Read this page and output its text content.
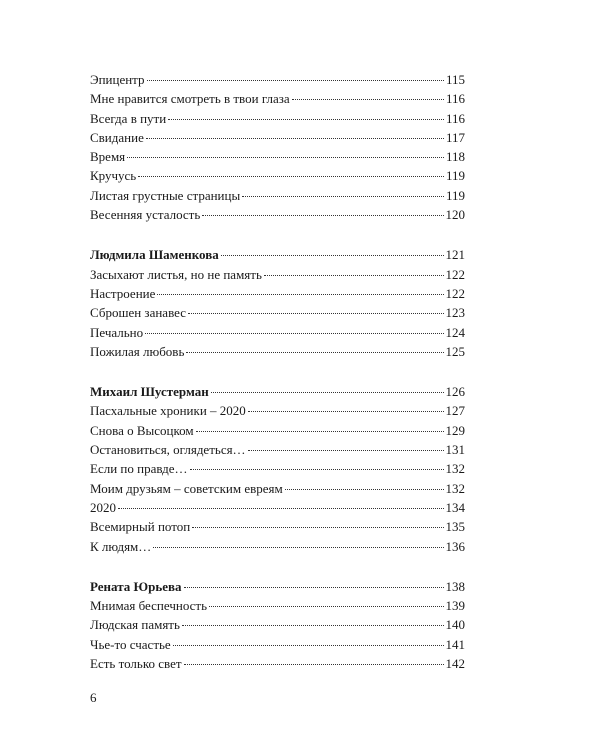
Эпицентр	115
Мне нравится смотреть в твои глаза	116
Всегда в пути	116
Свидание	117
Время	118
Кручусь	119
Листая грустные страницы	119
Весенняя усталость	120
Людмила Шаменкова	121
Засыхают листья, но не память	122
Настроение	122
Сброшен занавес	123
Печально	124
Пожилая любовь	125
Михаил Шустерман	126
Пасхальные хроники – 2020	127
Снова о Высоцком	129
Остановиться, оглядеться…	131
Если по правде…	132
Моим друзьям – советским евреям	132
2020	134
Всемирный потоп	135
К людям…	136
Рената Юрьева	138
Мнимая беспечность	139
Людская память	140
Чье-то счастье	141
Есть только свет	142
6
